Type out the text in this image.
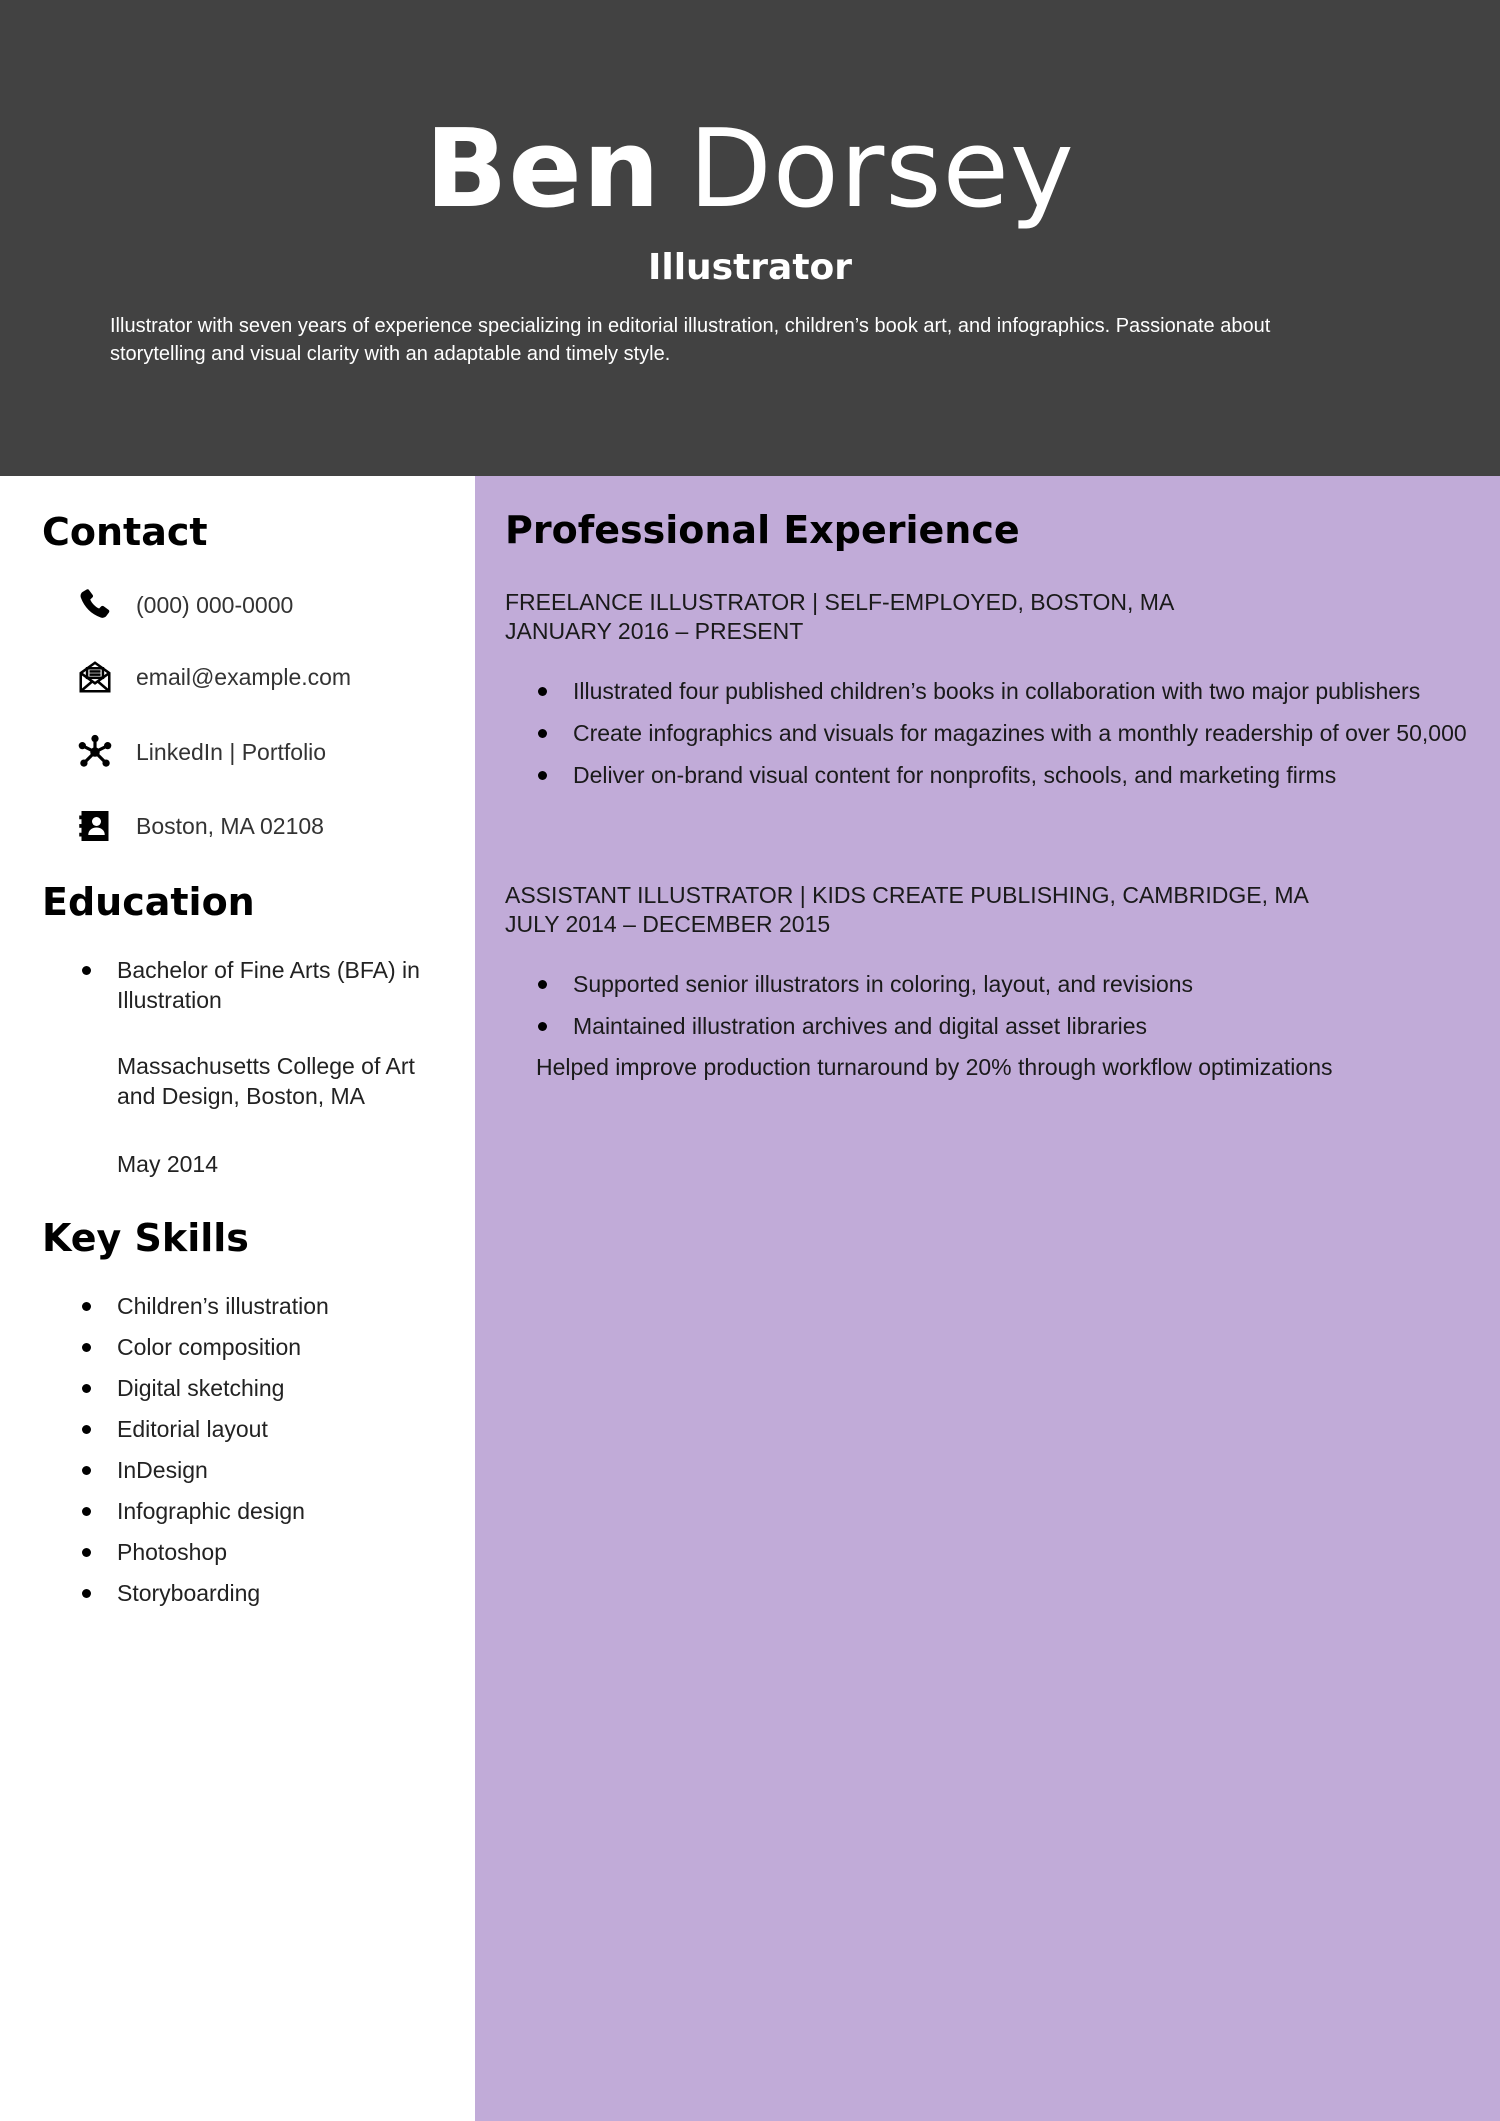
Ben Dorsey
Illustrator
Illustrator with seven years of experience specializing in editorial illustration, children’s book art, and infographics. Passionate about storytelling and visual clarity with an adaptable and timely style.
Contact
(000) 000-0000
email@example.com
LinkedIn | Portfolio
Boston, MA 02108
Education
Bachelor of Fine Arts (BFA) in Illustration
Massachusetts College of Art and Design, Boston, MA
May 2014
Key Skills
Children’s illustration
Color composition
Digital sketching
Editorial layout
InDesign
Infographic design
Photoshop
Storyboarding
Professional Experience
FREELANCE ILLUSTRATOR | SELF-EMPLOYED, BOSTON, MA
JANUARY 2016 – PRESENT
Illustrated four published children’s books in collaboration with two major publishers
Create infographics and visuals for magazines with a monthly readership of over 50,000
Deliver on-brand visual content for nonprofits, schools, and marketing firms
ASSISTANT ILLUSTRATOR | KIDS CREATE PUBLISHING, CAMBRIDGE, MA
JULY 2014 – DECEMBER 2015
Supported senior illustrators in coloring, layout, and revisions
Maintained illustration archives and digital asset libraries
Helped improve production turnaround by 20% through workflow optimizations
